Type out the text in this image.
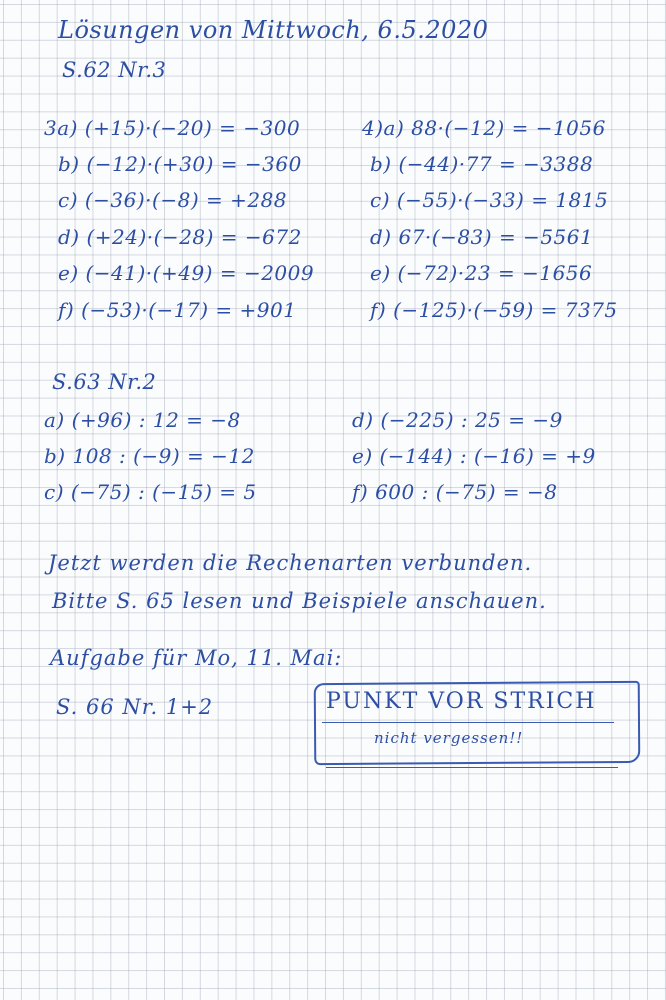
Lösungen von Mittwoch, 6.5.2020
S.62 Nr.3
3a) (+15)·(−20) = −300
b) (−12)·(+30) = −360
c) (−36)·(−8) = +288
d) (+24)·(−28) = −672
e) (−41)·(+49) = −2009
f) (−53)·(−17) = +901
4)a) 88·(−12) = −1056
b) (−44)·77 = −3388
c) (−55)·(−33) = 1815
d) 67·(−83) = −5561
e) (−72)·23 = −1656
f) (−125)·(−59) = 7375
S.63 Nr.2
a) (+96) : 12 = −8
b) 108 : (−9) = −12
c) (−75) : (−15) = 5
d) (−225) : 25 = −9
e) (−144) : (−16) = +9
f) 600 : (−75) = −8
Jetzt werden die Rechenarten verbunden.
Bitte S. 65 lesen und Beispiele anschauen.
Aufgabe für Mo, 11. Mai:
S. 66 Nr. 1+2	PUNKT VOR STRICH
nicht vergessen!!
